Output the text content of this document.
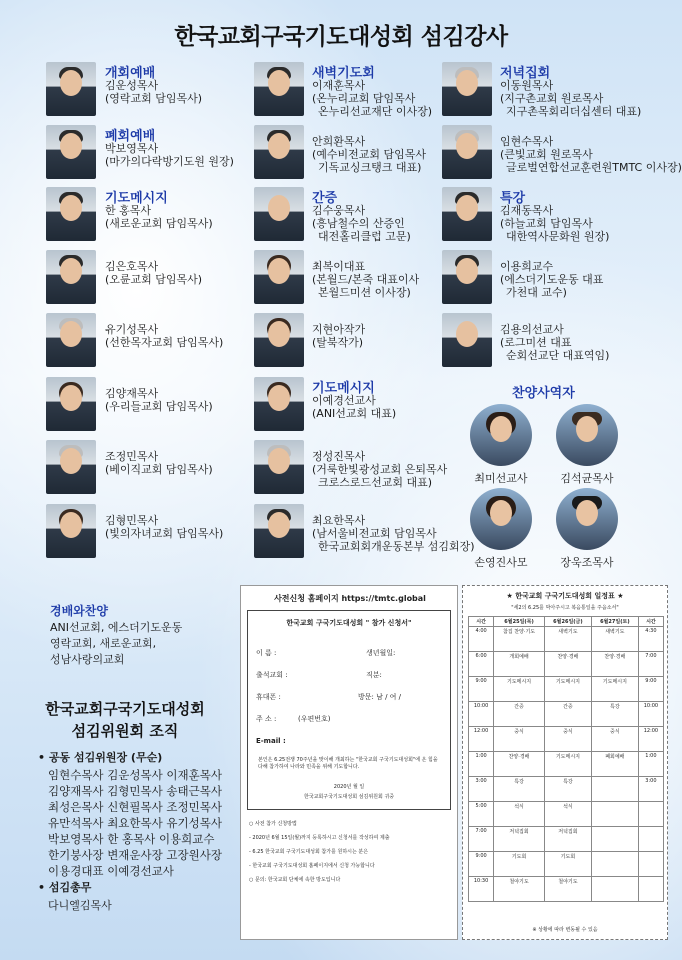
한국교회구국기도대성회 섬김강사
찬양사역자
최미선교사	김석균목사
손영진사모	장욱조목사
경배와찬양
ANI선교회, 에스더기도운동
영락교회, 새로운교회,
성남사랑의교회
한국교회구국기도대성회
섬김위원회 조직
• 공동 섬김위원장 (무순)
임현수목사 김운성목사 이재훈목사
김양재목사 김형민목사 송태근목사
최성은목사 신현필목사 조정민목사
유만석목사 최요한목사 유기성목사
박보영목사 한 홍목사 이용희교수
한기붕사장 변재운사장 고장원사장
이용경대표 이예경선교사
• 섬김총무
다니엘김목사
사전신청 홈페이지 https://tmtc.global
한국교회 구국기도대성회 " 참가 신청서"
이 름 :	생년월일:
출석교회 :	직분:
휴대폰 :	방문: 남 / 여 /
주 소 :	(우편번호)
E-mail :
본인은 6.25전쟁 70주년을 맞이해 개최하는 "한국교회 구국기도대성회"에 온 힘을 다해 참가하여 나라와 민족을 위해 기도합니다.
2020년 월 일
한국교회구국기도대성회 섬김위원회 귀중
○ 사전 참가 신청방법
- 2020년 6월 15일(월)까지 등록하시고 신청서를 작성하여 제출
- 6.25 한국교회 구국기도대성회 참가를 원하시는 분은
- 한국교회 구국기도대성회 홈페이지에서 신청 가능합니다
○ 문의: 한국교회 단체에 속한 방도입니다
★ 한국교회 구국기도대성회 일정표 ★
"세2의 6.25를 막아주시고 복음통일을 주옵소서"
시간	6월25일(목)	6월26일(금)	6월27일(토)	시간
4:00	참집 찬양·기도	새벽기도	새벽기도	4:30
6:00	개회예배	찬양·경배	찬양·경배	7:00
9:00	기도메시지	기도메시지	기도메시지	9:00
10:00	간증	간증	특강	10:00
12:00	중식	중식	중식	12:00
1:00	찬양·경배	기도메시지	폐회예배	1:00
3:00	특강	특강		3:00
5:00	석식	석식		
7:00	저녁집회	저녁집회		
9:00	기도회	기도회		
10:30	철야기도	철야기도		
※ 상황에 따라 변동될 수 있음
개회예배
김운성목사
(영락교회 담임목사)
폐회예배
박보영목사
(마가의다락방기도원 원장)
기도메시지
한 홍목사
(새로운교회 담임목사)
김은호목사
(오륜교회 담임목사)
유기성목사
(선한목자교회 담임목사)
김양재목사
(우리들교회 담임목사)
조정민목사
(베이직교회 담임목사)
김형민목사
(빛의자녀교회 담임목사)
새벽기도회
이재훈목사
(온누리교회 담임목사
온누리선교재단 이사장)
안희환목사
(예수비전교회 담임목사
기독교싱크탱크 대표)
간증
김수웅목사
(흥남철수의 산증인
대전홀리클럽 고문)
최복이대표
(본월드/본죽 대표이사
본월드미션 이사장)
지현아작가
(탈북작가)
기도메시지
이예경선교사
(ANI선교회 대표)
정성진목사
(거룩한빛광성교회 은퇴목사
크로스로드선교회 대표)
최요한목사
(남서울비전교회 담임목사
한국교회회개운동본부 섬김회장)
저녁집회
이동원목사
(지구촌교회 원로목사
지구촌목회리더십센터 대표)
임현수목사
(큰빛교회 원로목사
글로벌연합선교훈련원TMTC 이사장)
특강
김재동목사
(하늘교회 담임목사
대한역사문화원 원장)
이용희교수
(에스더기도운동 대표
가천대 교수)
김용의선교사
(로그미션 대표
순회선교단 대표역임)
